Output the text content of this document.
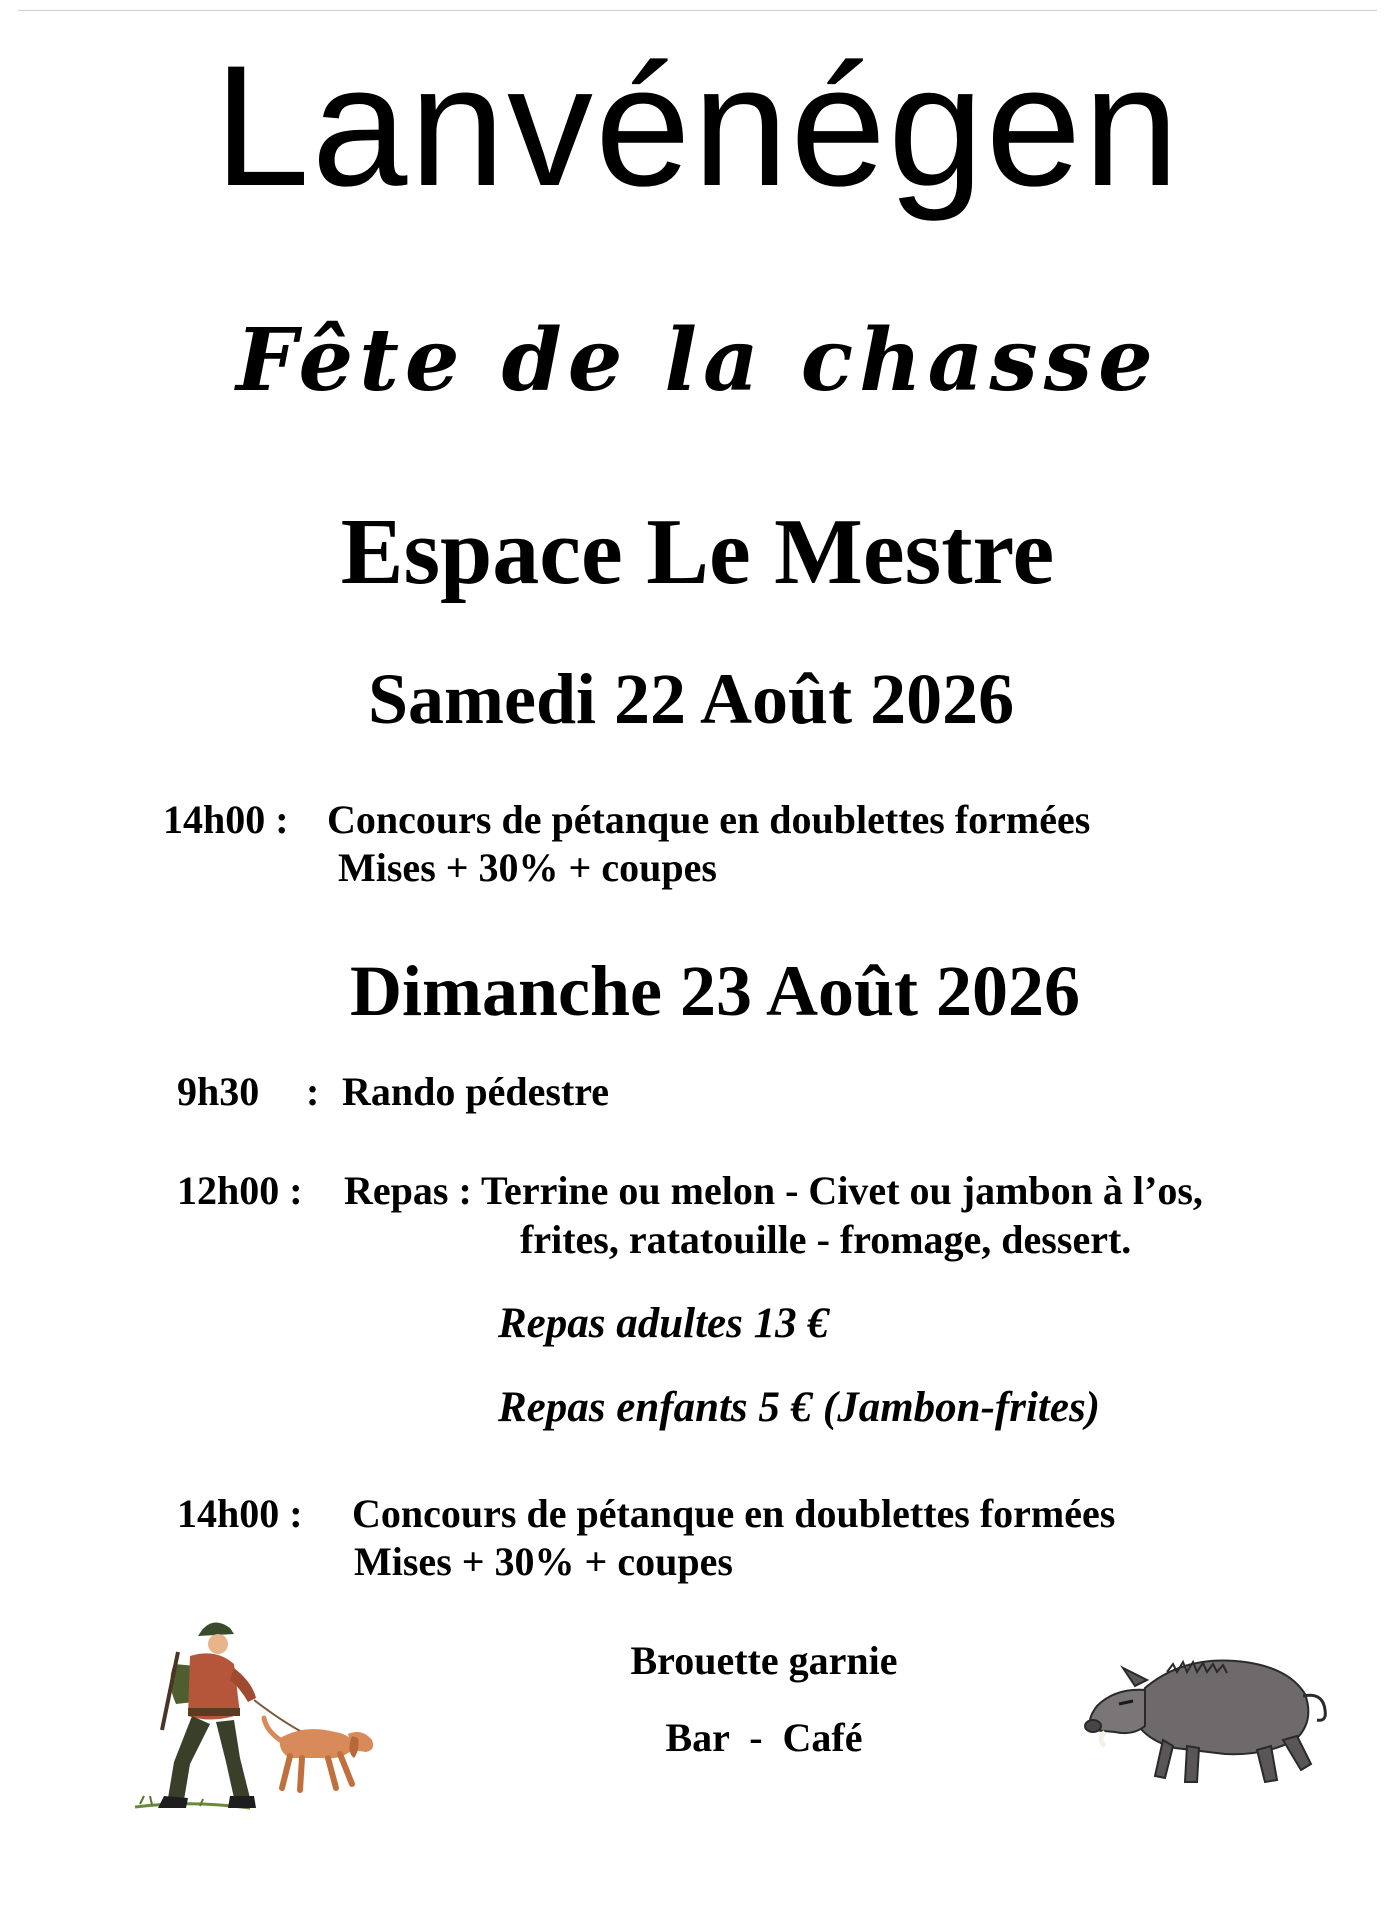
Lanvénégen
Fête de la chasse
Espace Le Mestre
Samedi 22 Août 2026
14h00 : Concours de pétanque en doublettes formées
Mises + 30% + coupes
Dimanche 23 Août 2026
9h30 : Rando pédestre
12h00 : Repas : Terrine ou melon - Civet ou jambon à l’os,
frites, ratatouille - fromage, dessert.
Repas adultes 13 €
Repas enfants 5 € (Jambon-frites)
14h00 : Concours de pétanque en doublettes formées
Mises + 30% + coupes
Brouette garnie
Bar  -  Café
